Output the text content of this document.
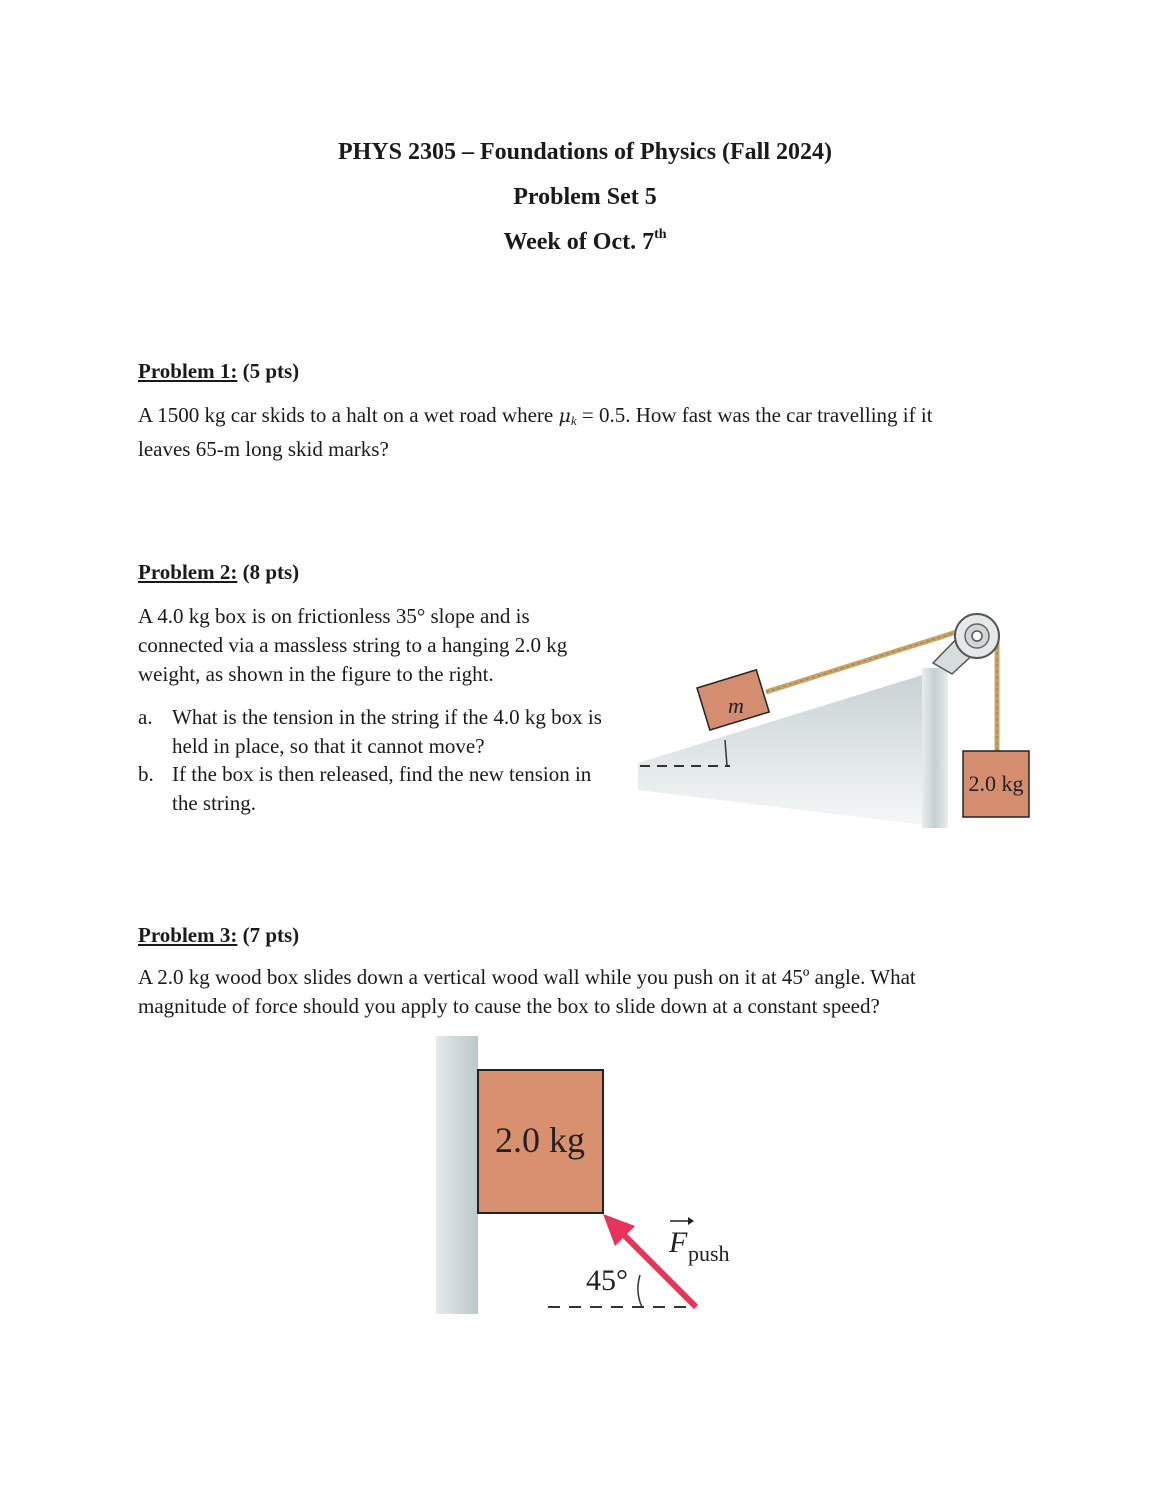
PHYS 2305 – Foundations of Physics (Fall 2024)
Problem Set 5
Week of Oct. 7th
Problem 1: (5 pts)
A 1500 kg car skids to a halt on a wet road where $\mu_k = 0.5$. How fast was the car travelling if it
leaves 65-m long skid marks?
Problem 2: (8 pts)
A 4.0 kg box is on frictionless 35° slope and is
connected via a massless string to a hanging 2.0 kg
weight, as shown in the figure to the right.
a. What is the tension in the string if the 4.0 kg box is held in place, so that it cannot move?
b. If the box is then released, find the new tension in the string.
m
2.0 kg
Problem 3: (7 pts)
A 2.0 kg wood box slides down a vertical wood wall while you push on it at 45º angle. What
magnitude of force should you apply to cause the box to slide down at a constant speed?
2.0 kg
45°
F push
